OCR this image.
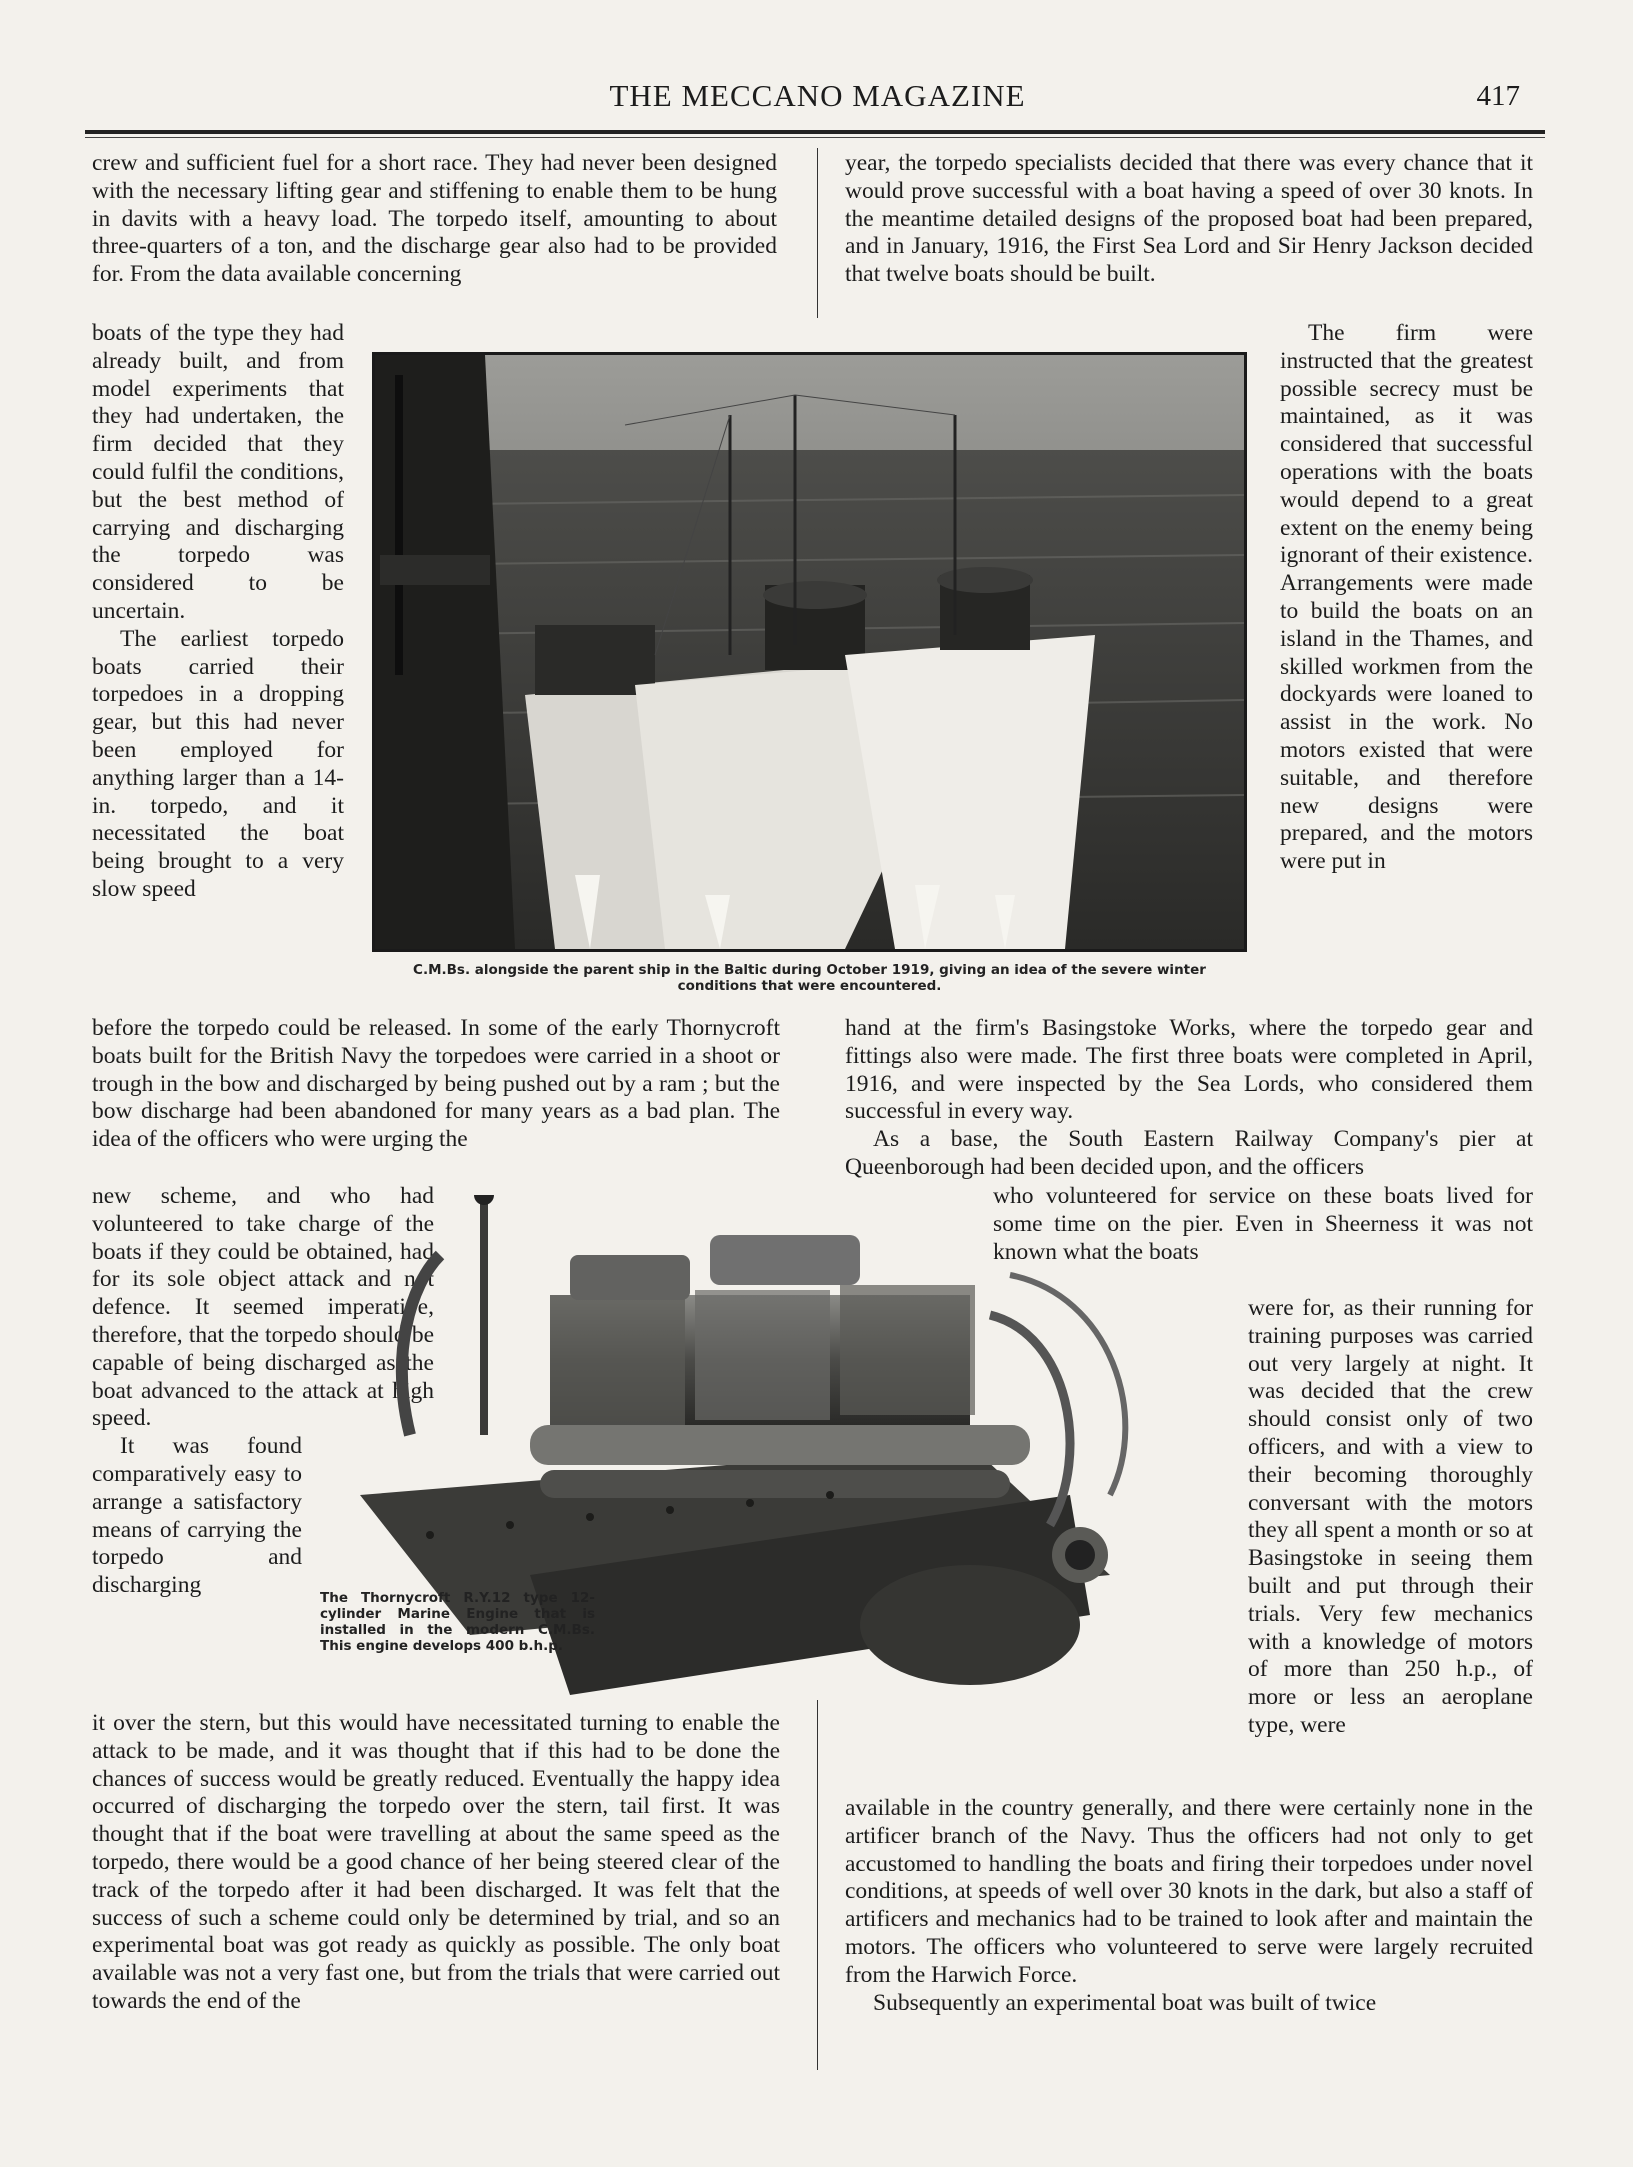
THE MECCANO MAGAZINE	417

crew and sufficient fuel for a short race. They had never been designed with the necessary lifting gear and stiffening to enable them to be hung in davits with a heavy load. The torpedo itself, amounting to about three-quarters of a ton, and the discharge gear also had to be provided for. From the data available concerning

boats of the type they had already built, and from model experiments that they had undertaken, the firm decided that they could fulfil the conditions, but the best method of carrying and discharging the torpedo was considered to be uncertain.

The earliest torpedo boats carried their torpedoes in a dropping gear, but this had never been employed for anything larger than a 14-in. torpedo, and it necessitated the boat being brought to a very slow speed

before the torpedo could be released. In some of the early Thornycroft boats built for the British Navy the torpedoes were carried in a shoot or trough in the bow and discharged by being pushed out by a ram ; but the bow discharge had been abandoned for many years as a bad plan. The idea of the officers who were urging the

new scheme, and who had volunteered to take charge of the boats if they could be obtained, had for its sole object attack and not defence. It seemed imperative, therefore, that the torpedo should be capable of being discharged as the boat advanced to the attack at high speed.

It was found comparatively easy to arrange a satisfactory means of carrying the torpedo and discharging

it over the stern, but this would have necessitated turning to enable the attack to be made, and it was thought that if this had to be done the chances of success would be greatly reduced. Eventually the happy idea occurred of discharging the torpedo over the stern, tail first. It was thought that if the boat were travelling at about the same speed as the torpedo, there would be a good chance of her being steered clear of the track of the torpedo after it had been discharged. It was felt that the success of such a scheme could only be determined by trial, and so an experimental boat was got ready as quickly as possible. The only boat available was not a very fast one, but from the trials that were carried out towards the end of the

year, the torpedo specialists decided that there was every chance that it would prove successful with a boat having a speed of over 30 knots. In the meantime detailed designs of the proposed boat had been prepared, and in January, 1916, the First Sea Lord and Sir Henry Jackson decided that twelve boats should be built.

The firm were instructed that the greatest possible secrecy must be maintained, as it was considered that successful operations with the boats would depend to a great extent on the enemy being ignorant of their existence. Arrangements were made to build the boats on an island in the Thames, and skilled workmen from the dockyards were loaned to assist in the work. No motors existed that were suitable, and therefore new designs were prepared, and the motors were put in

hand at the firm's Basingstoke Works, where the torpedo gear and fittings also were made. The first three boats were completed in April, 1916, and were inspected by the Sea Lords, who considered them successful in every way.

As a base, the South Eastern Railway Company's pier at Queenborough had been decided upon, and the officers

who volunteered for service on these boats lived for some time on the pier. Even in Sheerness it was not known what the boats

were for, as their running for training purposes was carried out very largely at night. It was decided that the crew should consist only of two officers, and with a view to their becoming thoroughly conversant with the motors they all spent a month or so at Basingstoke in seeing them built and put through their trials. Very few mechanics with a knowledge of motors of more than 250 h.p., of more or less an aeroplane type, were

available in the country generally, and there were certainly none in the artificer branch of the Navy. Thus the officers had not only to get accustomed to handling the boats and firing their torpedoes under novel conditions, at speeds of well over 30 knots in the dark, but also a staff of artificers and mechanics had to be trained to look after and maintain the motors. The officers who volunteered to serve were largely recruited from the Harwich Force.

Subsequently an experimental boat was built of twice

C.M.Bs. alongside the parent ship in the Baltic during October 1919, giving an idea of the severe winter conditions that were encountered.
The Thornycroft R.Y.12 type 12-cylinder Marine Engine that is installed in the modern C.M.Bs. This engine develops 400 b.h.p.
